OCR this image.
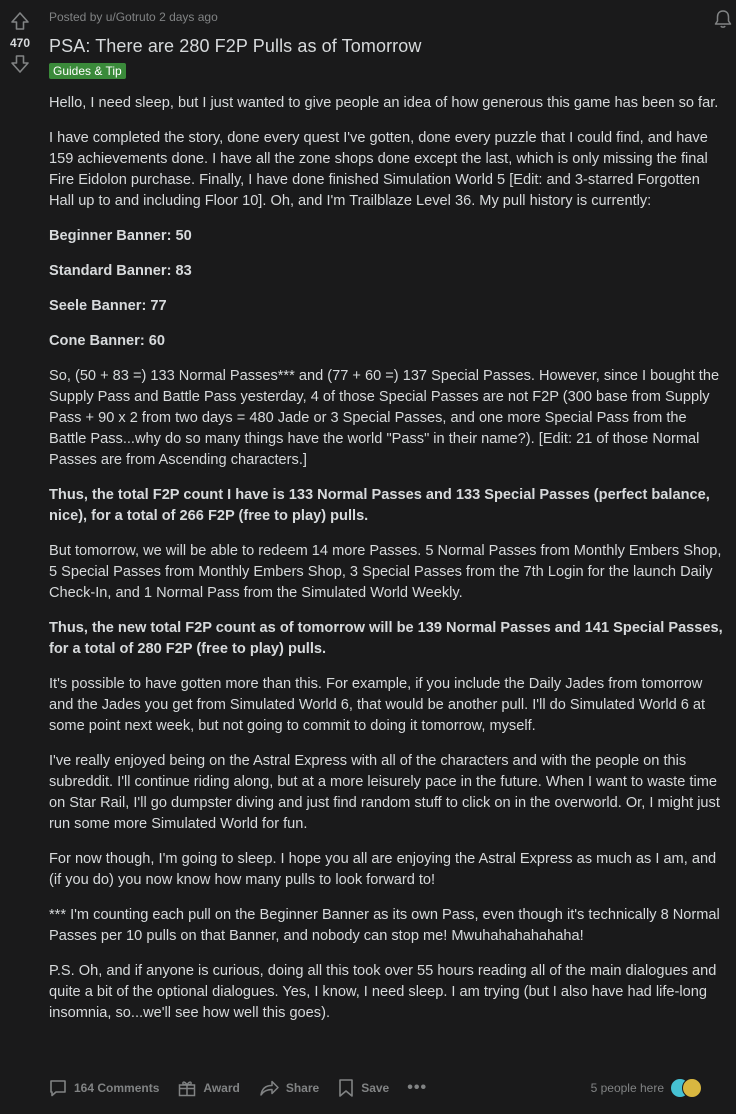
470
Posted by u/Gotruto 2 days ago
PSA: There are 280 F2P Pulls as of Tomorrow
Guides & Tip

Hello, I need sleep, but I just wanted to give people an idea of how generous this game has been so far.

I have completed the story, done every quest I've gotten, done every puzzle that I could find, and have 159 achievements done. I have all the zone shops done except the last, which is only missing the final Fire Eidolon purchase. Finally, I have done finished Simulation World 5 [Edit: and 3-starred Forgotten Hall up to and including Floor 10]. Oh, and I'm Trailblaze Level 36. My pull history is currently:

Beginner Banner: 50

Standard Banner: 83

Seele Banner: 77

Cone Banner: 60

So, (50 + 83 =) 133 Normal Passes*** and (77 + 60 =) 137 Special Passes. However, since I bought the Supply Pass and Battle Pass yesterday, 4 of those Special Passes are not F2P (300 base from Supply Pass + 90 x 2 from two days = 480 Jade or 3 Special Passes, and one more Special Pass from the Battle Pass...why do so many things have the world "Pass" in their name?). [Edit: 21 of those Normal Passes are from Ascending characters.]

Thus, the total F2P count I have is 133 Normal Passes and 133 Special Passes (perfect balance, nice), for a total of 266 F2P (free to play) pulls.

But tomorrow, we will be able to redeem 14 more Passes. 5 Normal Passes from Monthly Embers Shop, 5 Special Passes from Monthly Embers Shop, 3 Special Passes from the 7th Login for the launch Daily Check-In, and 1 Normal Pass from the Simulated World Weekly.

Thus, the new total F2P count as of tomorrow will be 139 Normal Passes and 141 Special Passes, for a total of 280 F2P (free to play) pulls.

It's possible to have gotten more than this. For example, if you include the Daily Jades from tomorrow and the Jades you get from Simulated World 6, that would be another pull. I'll do Simulated World 6 at some point next week, but not going to commit to doing it tomorrow, myself.

I've really enjoyed being on the Astral Express with all of the characters and with the people on this subreddit. I'll continue riding along, but at a more leisurely pace in the future. When I want to waste time on Star Rail, I'll go dumpster diving and just find random stuff to click on in the overworld. Or, I might just run some more Simulated World for fun.

For now though, I'm going to sleep. I hope you all are enjoying the Astral Express as much as I am, and (if you do) you now know how many pulls to look forward to!

*** I'm counting each pull on the Beginner Banner as its own Pass, even though it's technically 8 Normal Passes per 10 pulls on that Banner, and nobody can stop me! Mwuhahahahahaha!

P.S. Oh, and if anyone is curious, doing all this took over 55 hours reading all of the main dialogues and quite a bit of the optional dialogues. Yes, I know, I need sleep. I am trying (but I also have had life-long insomnia, so...we'll see how well this goes).

164 Comments	Award	Share	Save •••	5 people here
